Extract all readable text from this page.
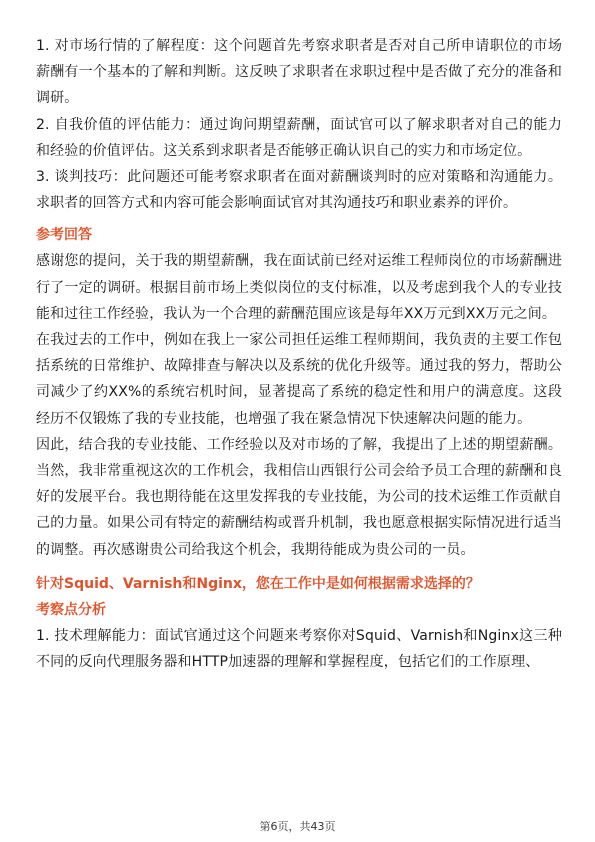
1. 对市场行情的了解程度：这个问题首先考察求职者是否对自己所申请职位的市场薪酬有一个基本的了解和判断。这反映了求职者在求职过程中是否做了充分的准备和调研。

2. 自我价值的评估能力：通过询问期望薪酬，面试官可以了解求职者对自己的能力和经验的价值评估。这关系到求职者是否能够正确认识自己的实力和市场定位。

3. 谈判技巧：此问题还可能考察求职者在面对薪酬谈判时的应对策略和沟通能力。求职者的回答方式和内容可能会影响面试官对其沟通技巧和职业素养的评价。

参考回答

感谢您的提问，关于我的期望薪酬，我在面试前已经对运维工程师岗位的市场薪酬进行了一定的调研。根据目前市场上类似岗位的支付标准，以及考虑到我个人的专业技能和过往工作经验，我认为一个合理的薪酬范围应该是每年XX万元到XX万元之间。

在我过去的工作中，例如在我上一家公司担任运维工程师期间，我负责的主要工作包括系统的日常维护、故障排查与解决以及系统的优化升级等。通过我的努力，帮助公司减少了约XX%的系统宕机时间，显著提高了系统的稳定性和用户的满意度。这段经历不仅锻炼了我的专业技能，也增强了我在紧急情况下快速解决问题的能力。

因此，结合我的专业技能、工作经验以及对市场的了解，我提出了上述的期望薪酬。当然，我非常重视这次的工作机会，我相信山西银行公司会给予员工合理的薪酬和良好的发展平台。我也期待能在这里发挥我的专业技能，为公司的技术运维工作贡献自己的力量。如果公司有特定的薪酬结构或晋升机制，我也愿意根据实际情况进行适当的调整。再次感谢贵公司给我这个机会，我期待能成为贵公司的一员。

针对Squid、Varnish和Nginx，您在工作中是如何根据需求选择的？

考察点分析

1. 技术理解能力：面试官通过这个问题来考察你对Squid、Varnish和Nginx这三种不同的反向代理服务器和HTTP加速器的理解和掌握程度，包括它们的工作原理、

第6页，共43页
